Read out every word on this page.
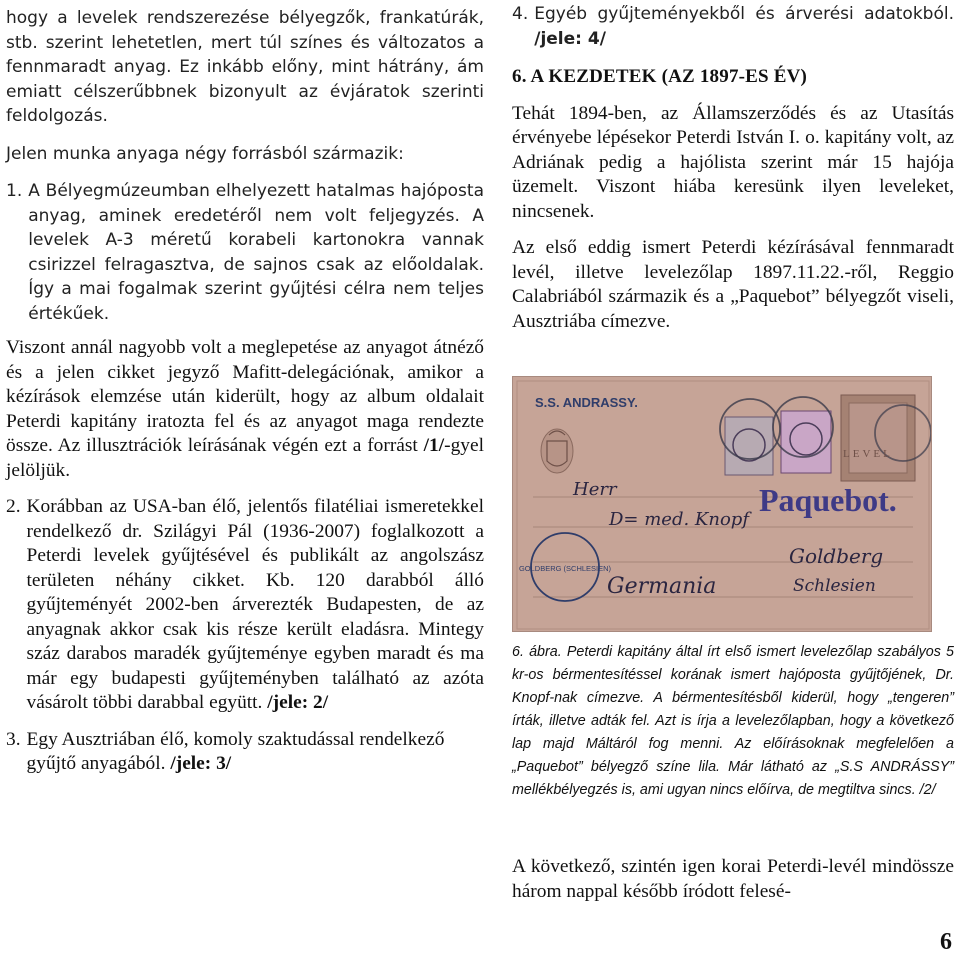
hogy a levelek rendszerezése bélyegzők, frankatúrák, stb. szerint lehetetlen, mert túl színes és változatos a fennmaradt anyag. Ez inkább előny, mint hátrány, ám emiatt célszerűbbnek bizonyult az évjáratok szerinti feldolgozás.

Jelen munka anyaga négy forrásból származik:

1. A Bélyegmúzeumban elhelyezett hatalmas hajóposta anyag, aminek eredetéről nem volt feljegyzés. A levelek A-3 méretű korabeli kartonokra vannak csirizzel felragasztva, de sajnos csak az előoldalak. Így a mai fogalmak szerint gyűjtési célra nem teljes értékűek.

Viszont annál nagyobb volt a meglepetése az anyagot átnéző és a jelen cikket jegyző Mafitt-delegációnak, amikor a kézírások elemzése után kiderült, hogy az album oldalait Peterdi kapitány iratozta fel és az anyagot maga rendezte össze. Az illusztrációk leírásának végén ezt a forrást /1/-gyel jelöljük.

2. Korábban az USA-ban élő, jelentős filatéliai ismeretekkel rendelkező dr. Szilágyi Pál (1936-2007) foglalkozott a Peterdi levelek gyűjtésével és publikált az angolszász területen néhány cikket. Kb. 120 darabból álló gyűjteményét 2002-ben árverezték Budapesten, de az anyagnak akkor csak kis része került eladásra. Mintegy száz darabos maradék gyűjteménye egyben maradt és ma már egy budapesti gyűjteményben található az azóta vásárolt többi darabbal együtt. /jele: 2/
3. Egy Ausztriában élő, komoly szaktudással rendelkező gyűjtő anyagából. /jele: 3/
4. Egyéb gyűjteményekből és árverési adatokból. /jele: 4/

6. A KEZDETEK (AZ 1897-ES ÉV)

Tehát 1894-ben, az Államszerződés és az Utasítás érvényebe lépésekor Peterdi István I. o. kapitány volt, az Adriának pedig a hajólista szerint már 15 hajója üzemelt. Viszont hiába keresünk ilyen leveleket, nincsenek.

Az első eddig ismert Peterdi kézírásával fennmaradt levél, illetve levelezőlap 1897.11.22.-ről, Reggio Calabriából származik és a „Paquebot” bélyegzőt viseli, Ausztriába címezve.

S.S. ANDRASSY.
LEVEL
Paquebot.
Herr
D= med. Knopf
Goldberg
Schlesien
Germania
GOLDBERG (SCHLESIEN)

6. ábra. Peterdi kapitány által írt első ismert levelezőlap szabályos 5 kr-os bérmentesítéssel korának ismert hajóposta gyűjtőjének, Dr. Knopf-nak címezve. A bérmentesítésből kiderül, hogy „tengeren” írták, illetve adták fel. Azt is írja a levelezőlapban, hogy a következő lap majd Máltáról fog menni. Az előírásoknak megfelelően a „Paquebot” bélyegző színe lila. Már látható az „S.S ANDRÁSSY” mellékbélyegzés is, ami ugyan nincs előírva, de megtiltva sincs. /2/

A következő, szintén igen korai Peterdi-levél mindössze három nappal később íródott felesé-

6
